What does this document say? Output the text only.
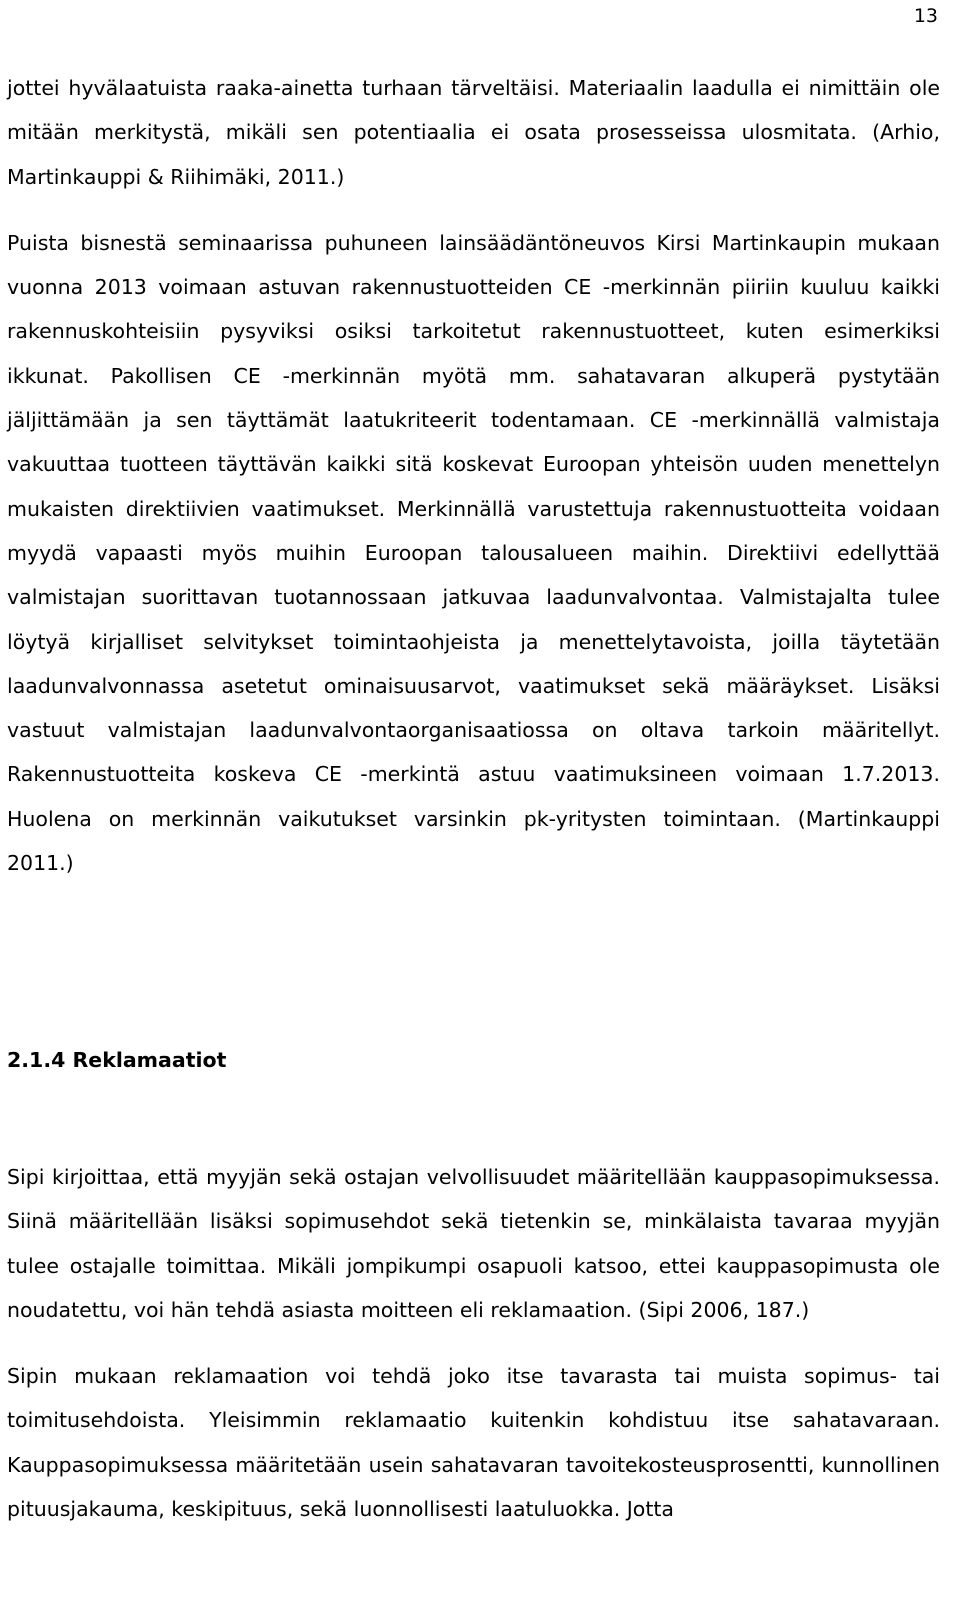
13

jottei hyvälaatuista raaka-ainetta turhaan tärveltäisi. Materiaalin laadulla ei nimittäin ole mitään merkitystä, mikäli sen potentiaalia ei osata prosesseissa ulosmitata. (Arhio, Martinkauppi & Riihimäki, 2011.)

Puista bisnestä seminaarissa puhuneen lainsäädäntöneuvos Kirsi Martinkaupin mukaan vuonna 2013 voimaan astuvan rakennustuotteiden CE -merkinnän piiriin kuuluu kaikki rakennuskohteisiin pysyviksi osiksi tarkoitetut rakennustuotteet, kuten esimerkiksi ikkunat. Pakollisen CE -merkinnän myötä mm. sahatavaran alkuperä pystytään jäljittämään ja sen täyttämät laatukriteerit todentamaan. CE -merkinnällä valmistaja vakuuttaa tuotteen täyttävän kaikki sitä koskevat Euroopan yhteisön uuden menettelyn mukaisten direktiivien vaatimukset. Merkinnällä varustettuja rakennustuotteita voidaan myydä vapaasti myös muihin Euroopan talousalueen maihin. Direktiivi edellyttää valmistajan suorittavan tuotannossaan jatkuvaa laadunvalvontaa. Valmistajalta tulee löytyä kirjalliset selvitykset toimintaohjeista ja menettelytavoista, joilla täytetään laadunvalvonnassa asetetut ominaisuusarvot, vaatimukset sekä määräykset. Lisäksi vastuut valmistajan laadunvalvontaorganisaatiossa on oltava tarkoin määritellyt. Rakennustuotteita koskeva CE -merkintä astuu vaatimuksineen voimaan 1.7.2013. Huolena on merkinnän vaikutukset varsinkin pk-yritysten toimintaan. (Martinkauppi 2011.)

2.1.4 Reklamaatiot

Sipi kirjoittaa, että myyjän sekä ostajan velvollisuudet määritellään kauppasopimuksessa. Siinä määritellään lisäksi sopimusehdot sekä tietenkin se, minkälaista tavaraa myyjän tulee ostajalle toimittaa. Mikäli jompikumpi osapuoli katsoo, ettei kauppasopimusta ole noudatettu, voi hän tehdä asiasta moitteen eli reklamaation. (Sipi 2006, 187.)

Sipin mukaan reklamaation voi tehdä joko itse tavarasta tai muista sopimus- tai toimitusehdoista. Yleisimmin reklamaatio kuitenkin kohdistuu itse sahatavaraan. Kauppasopimuksessa määritetään usein sahatavaran tavoitekosteusprosentti, kunnollinen pituusjakauma, keskipituus, sekä luonnollisesti laatuluokka. Jotta
